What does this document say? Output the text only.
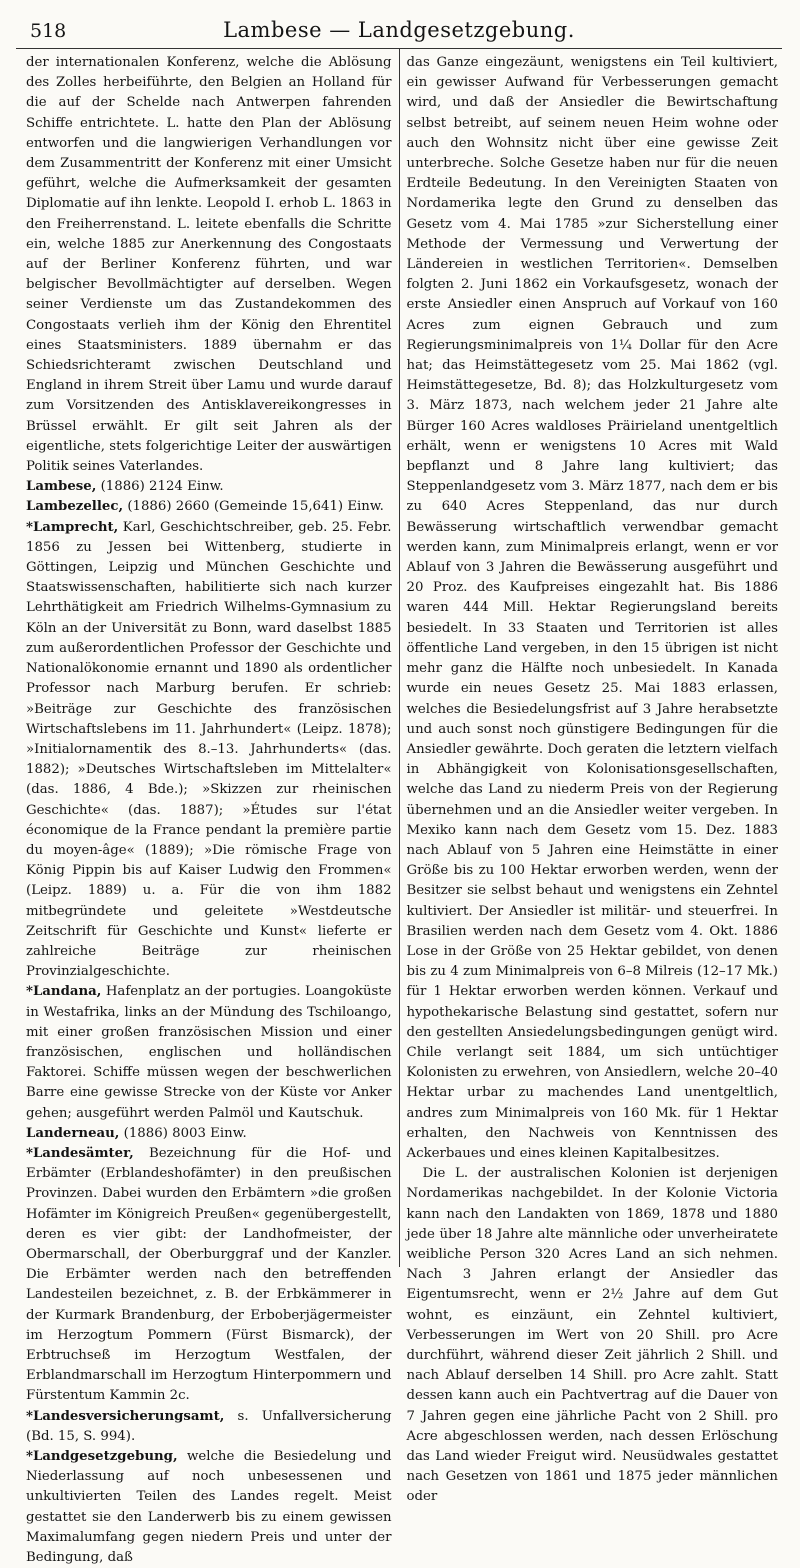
518	Lambese — Landgesetzgebung.

der internationalen Konferenz, welche die Ablösung des Zolles herbeiführte, den Belgien an Holland für die auf der Schelde nach Antwerpen fahrenden Schiffe entrichtete. L. hatte den Plan der Ablösung entworfen und die langwierigen Verhandlungen vor dem Zusammentritt der Konferenz mit einer Umsicht geführt, welche die Aufmerksamkeit der gesamten Diplomatie auf ihn lenkte. Leopold I. erhob L. 1863 in den Freiherrenstand. L. leitete ebenfalls die Schritte ein, welche 1885 zur Anerkennung des Congostaats auf der Berliner Konferenz führten, und war belgischer Bevollmächtigter auf derselben. Wegen seiner Verdienste um das Zustandekommen des Congostaats verlieh ihm der König den Ehrentitel eines Staatsministers. 1889 übernahm er das Schiedsrichteramt zwischen Deutschland und England in ihrem Streit über Lamu und wurde darauf zum Vorsitzenden des Antisklavereikongresses in Brüssel erwählt. Er gilt seit Jahren als der eigentliche, stets folgerichtige Leiter der auswärtigen Politik seines Vaterlandes.

Lambese, (1886) 2124 Einw.

Lambezellec, (1886) 2660 (Gemeinde 15,641) Einw.

*Lamprecht, Karl, Geschichtschreiber, geb. 25. Febr. 1856 zu Jessen bei Wittenberg, studierte in Göttingen, Leipzig und München Geschichte und Staatswissenschaften, habilitierte sich nach kurzer Lehrthätigkeit am Friedrich Wilhelms-Gymnasium zu Köln an der Universität zu Bonn, ward daselbst 1885 zum außerordentlichen Professor der Geschichte und Nationalökonomie ernannt und 1890 als ordentlicher Professor nach Marburg berufen. Er schrieb: »Beiträge zur Geschichte des französischen Wirtschaftslebens im 11. Jahrhundert« (Leipz. 1878); »Initialornamentik des 8.–13. Jahrhunderts« (das. 1882); »Deutsches Wirtschaftsleben im Mittelalter« (das. 1886, 4 Bde.); »Skizzen zur rheinischen Geschichte« (das. 1887); »Études sur l'état économique de la France pendant la première partie du moyen-âge« (1889); »Die römische Frage von König Pippin bis auf Kaiser Ludwig den Frommen« (Leipz. 1889) u. a. Für die von ihm 1882 mitbegründete und geleitete »Westdeutsche Zeitschrift für Geschichte und Kunst« lieferte er zahlreiche Beiträge zur rheinischen Provinzialgeschichte.

*Landana, Hafenplatz an der portugies. Loangoküste in Westafrika, links an der Mündung des Tschiloango, mit einer großen französischen Mission und einer französischen, englischen und holländischen Faktorei. Schiffe müssen wegen der beschwerlichen Barre eine gewisse Strecke von der Küste vor Anker gehen; ausgeführt werden Palmöl und Kautschuk.

Landerneau, (1886) 8003 Einw.

*Landesämter, Bezeichnung für die Hof- und Erbämter (Erblandeshofämter) in den preußischen Provinzen. Dabei wurden den Erbämtern »die großen Hofämter im Königreich Preußen« gegenübergestellt, deren es vier gibt: der Landhofmeister, der Obermarschall, der Oberburggraf und der Kanzler. Die Erbämter werden nach den betreffenden Landesteilen bezeichnet, z. B. der Erbkämmerer in der Kurmark Brandenburg, der Erboberjägermeister im Herzogtum Pommern (Fürst Bismarck), der Erbtruchseß im Herzogtum Westfalen, der Erblandmarschall im Herzogtum Hinterpommern und Fürstentum Kammin 2c.

*Landesversicherungsamt, s. Unfallversicherung (Bd. 15, S. 994).

*Landgesetzgebung, welche die Besiedelung und Niederlassung auf noch unbesessenen und unkultivierten Teilen des Landes regelt. Meist gestattet sie den Landerwerb bis zu einem gewissen Maximalumfang gegen niedern Preis und unter der Bedingung, daß

das Ganze eingezäunt, wenigstens ein Teil kultiviert, ein gewisser Aufwand für Verbesserungen gemacht wird, und daß der Ansiedler die Bewirtschaftung selbst betreibt, auf seinem neuen Heim wohne oder auch den Wohnsitz nicht über eine gewisse Zeit unterbreche. Solche Gesetze haben nur für die neuen Erdteile Bedeutung. In den Vereinigten Staaten von Nordamerika legte den Grund zu denselben das Gesetz vom 4. Mai 1785 »zur Sicherstellung einer Methode der Vermessung und Verwertung der Ländereien in westlichen Territorien«. Demselben folgten 2. Juni 1862 ein Vorkaufsgesetz, wonach der erste Ansiedler einen Anspruch auf Vorkauf von 160 Acres zum eignen Gebrauch und zum Regierungsminimalpreis von 1¼ Dollar für den Acre hat; das Heimstättegesetz vom 25. Mai 1862 (vgl. Heimstättegesetze, Bd. 8); das Holzkulturgesetz vom 3. März 1873, nach welchem jeder 21 Jahre alte Bürger 160 Acres waldloses Präirieland unentgeltlich erhält, wenn er wenigstens 10 Acres mit Wald bepflanzt und 8 Jahre lang kultiviert; das Steppenlandgesetz vom 3. März 1877, nach dem er bis zu 640 Acres Steppenland, das nur durch Bewässerung wirtschaftlich verwendbar gemacht werden kann, zum Minimalpreis erlangt, wenn er vor Ablauf von 3 Jahren die Bewässerung ausgeführt und 20 Proz. des Kaufpreises eingezahlt hat. Bis 1886 waren 444 Mill. Hektar Regierungsland bereits besiedelt. In 33 Staaten und Territorien ist alles öffentliche Land vergeben, in den 15 übrigen ist nicht mehr ganz die Hälfte noch unbesiedelt. In Kanada wurde ein neues Gesetz 25. Mai 1883 erlassen, welches die Besiedelungsfrist auf 3 Jahre herabsetzte und auch sonst noch günstigere Bedingungen für die Ansiedler gewährte. Doch geraten die letztern vielfach in Abhängigkeit von Kolonisationsgesellschaften, welche das Land zu niederm Preis von der Regierung übernehmen und an die Ansiedler weiter vergeben. In Mexiko kann nach dem Gesetz vom 15. Dez. 1883 nach Ablauf von 5 Jahren eine Heimstätte in einer Größe bis zu 100 Hektar erworben werden, wenn der Besitzer sie selbst behaut und wenigstens ein Zehntel kultiviert. Der Ansiedler ist militär- und steuerfrei. In Brasilien werden nach dem Gesetz vom 4. Okt. 1886 Lose in der Größe von 25 Hektar gebildet, von denen bis zu 4 zum Minimalpreis von 6–8 Milreis (12–17 Mk.) für 1 Hektar erworben werden können. Verkauf und hypothekarische Belastung sind gestattet, sofern nur den gestellten Ansiedelungsbedingungen genügt wird. Chile verlangt seit 1884, um sich untüchtiger Kolonisten zu erwehren, von Ansiedlern, welche 20–40 Hektar urbar zu machendes Land unentgeltlich, andres zum Minimalpreis von 160 Mk. für 1 Hektar erhalten, den Nachweis von Kenntnissen des Ackerbaues und eines kleinen Kapitalbesitzes.

Die L. der australischen Kolonien ist derjenigen Nordamerikas nachgebildet. In der Kolonie Victoria kann nach den Landakten von 1869, 1878 und 1880 jede über 18 Jahre alte männliche oder unverheiratete weibliche Person 320 Acres Land an sich nehmen. Nach 3 Jahren erlangt der Ansiedler das Eigentumsrecht, wenn er 2½ Jahre auf dem Gut wohnt, es einzäunt, ein Zehntel kultiviert, Verbesserungen im Wert von 20 Shill. pro Acre durchführt, während dieser Zeit jährlich 2 Shill. und nach Ablauf derselben 14 Shill. pro Acre zahlt. Statt dessen kann auch ein Pachtvertrag auf die Dauer von 7 Jahren gegen eine jährliche Pacht von 2 Shill. pro Acre abgeschlossen werden, nach dessen Erlöschung das Land wieder Freigut wird. Neusüdwales gestattet nach Gesetzen von 1861 und 1875 jeder männlichen oder
